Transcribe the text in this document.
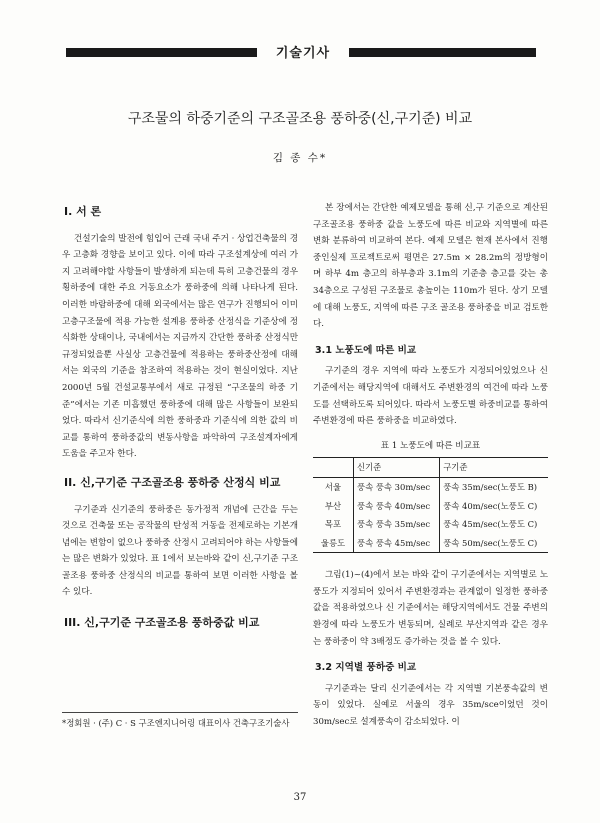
기술기사
구조물의 하중기준의 구조골조용 풍하중(신,구기준) 비교
김 종 수*
I. 서 론

건설기술의 발전에 힘입어 근래 국내 주거 · 상업건축물의 경우 고층화 경향을 보이고 있다. 이에 따라 구조설계상에 여러 가지 고려해야할 사항들이 발생하게 되는데 특히 고층건물의 경우 횡하중에 대한 주요 거동요소가 풍하중에 의해 나타나게 된다. 이러한 바람하중에 대해 외국에서는 많은 연구가 진행되어 이미 고층구조물에 적용 가능한 설계용 풍하중 산정식을 기준상에 정식화한 상태이나, 국내에서는 지금까지 간단한 풍하중 산정식만 규정되었을뿐 사실상 고층건물에 적용하는 풍하중산정에 대해서는 외국의 기준을 참조하여 적용하는 것이 현실이었다. 지난 2000년 5월 건설교통부에서 새로 규정된 “구조물의 하중 기준”에서는 기존 미흡했던 풍하중에 대해 많은 사항들이 보완되었다. 따라서 신기준식에 의한 풍하중과 기준식에 의한 값의 비교를 통하여 풍하중값의 변동사항을 파악하여 구조설계자에게 도움을 주고자 한다.

II. 신,구기준 구조골조용 풍하중 산정식 비교

구기준과 신기준의 풍하중은 동가정적 개념에 근간을 두는 것으로 건축물 또는 공작물의 탄성적 거동을 전제로하는 기본개념에는 변함이 없으나 풍하중 산정시 고려되어야 하는 사항들에는 많은 변화가 있었다. 표 1에서 보는바와 같이 신,구기준 구조골조용 풍하중 산정식의 비교를 통하여 보면 이러한 사항을 볼 수 있다.

III. 신,구기준 구조골조용 풍하중값 비교
*정회원 · (주) C · S 구조엔지니어링 대표이사 건축구조기술사

본 장에서는 간단한 예제모델을 통해 신,구 기준으로 계산된 구조골조용 풍하중 값을 노풍도에 따른 비교와 지역별에 따른 변화 분류하여 비교하여 본다. 예제 모델은 현재 본사에서 진행중인실제 프로젝트로써 평면은 27.5m × 28.2m의 정방형이며 하부 4m 층고의 하부층과 3.1m의 기준층 층고를 갖는 총 34층으로 구성된 구조물로 총높이는 110m가 된다. 상기 모델에 대해 노풍도, 지역에 따른 구조 골조용 풍하중을 비교 검토한다.

3.1 노풍도에 따른 비교

구기준의 경우 지역에 따라 노풍도가 지정되어있었으나 신기준에서는 해당지역에 대해서도 주변환경의 여건에 따라 노풍도를 선택하도록 되어있다. 따라서 노풍도별 하중비교를 통하여 주변환경에 따른 풍하중을 비교하였다.

표 1 노풍도에 따른 비교표
	신기준	구기준
서울	풍속 풍속 30m/sec	풍속 35m/sec(노풍도 B)
부산	풍속 풍속 40m/sec	풍속 40m/sec(노풍도 C)
목포	풍속 풍속 35m/sec	풍속 45m/sec(노풍도 C)
울릉도	풍속 풍속 45m/sec	풍속 50m/sec(노풍도 C)

그림(1)~(4)에서 보는 바와 같이 구기준에서는 지역별로 노풍도가 지정되어 있어서 주변환경과는 관계없이 일정한 풍하중값을 적용하였으나 신 기준에서는 해당지역에서도 건물 주변의 환경에 따라 노풍도가 변동되며, 실례로 부산지역과 같은 경우는 풍하중이 약 3배정도 증가하는 것을 볼 수 있다.

3.2 지역별 풍하중 비교

구기준과는 달리 신기준에서는 각 지역별 기본풍속값의 변동이 있었다. 실예로 서울의 경우 35m/sce이었던 것이 30m/sec로 설계풍속이 감소되었다. 이

37
